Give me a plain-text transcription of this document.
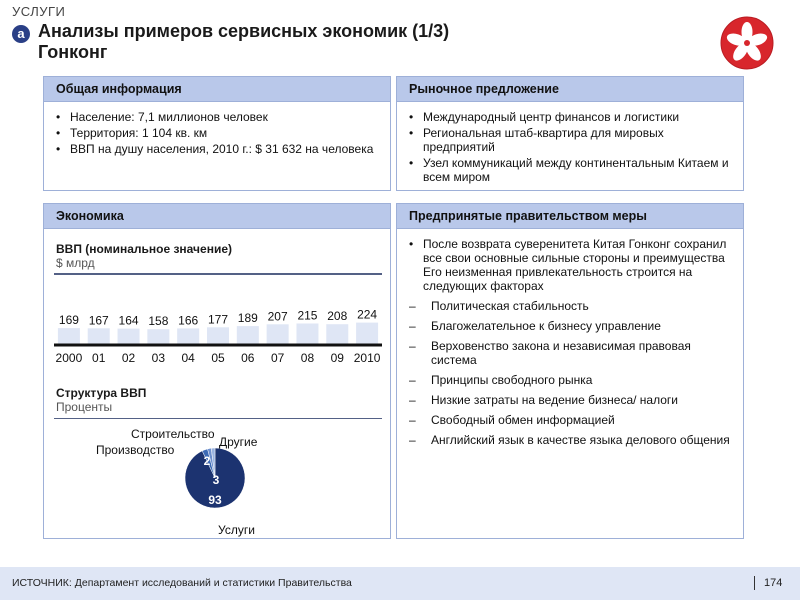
УСЛУГИ
a Анализы примеров сервисных экономик (1/3)
Гонконг
Общая информация
• Население: 7,1 миллионов человек
• Территория: 1 104 кв. км
• ВВП на душу населения, 2010 г.: $ 31 632 на человека
Рыночное предложение
• Международный центр финансов и логистики
• Региональная штаб-квартира для мировых предприятий
• Узел коммуникаций между континентальным Китаем и всем миром
Экономика
ВВП (номинальное значение)
$ млрд
169
2000
167
01
164
02
158
03
166
04
177
05
189
06
207
07
215
08
208
09
224
2010
Структура ВВП
Проценты
93
3
2
2
Услуги
Производство
Строительство
Другие
Предпринятые правительством меры
• После возврата суверенитета Китая Гонконг сохранил все свои основные сильные стороны и преимущества Его неизменная привлекательность строится на следующих факторах
– Политическая стабильность
– Благожелательное к бизнесу управление
– Верховенство закона и независимая правовая система
– Принципы свободного рынка
– Низкие затраты на ведение бизнеса/ налоги
– Свободный обмен информацией
– Английский язык в качестве языка делового общения
ИСТОЧНИК: Департамент исследований и статистики Правительства	174
